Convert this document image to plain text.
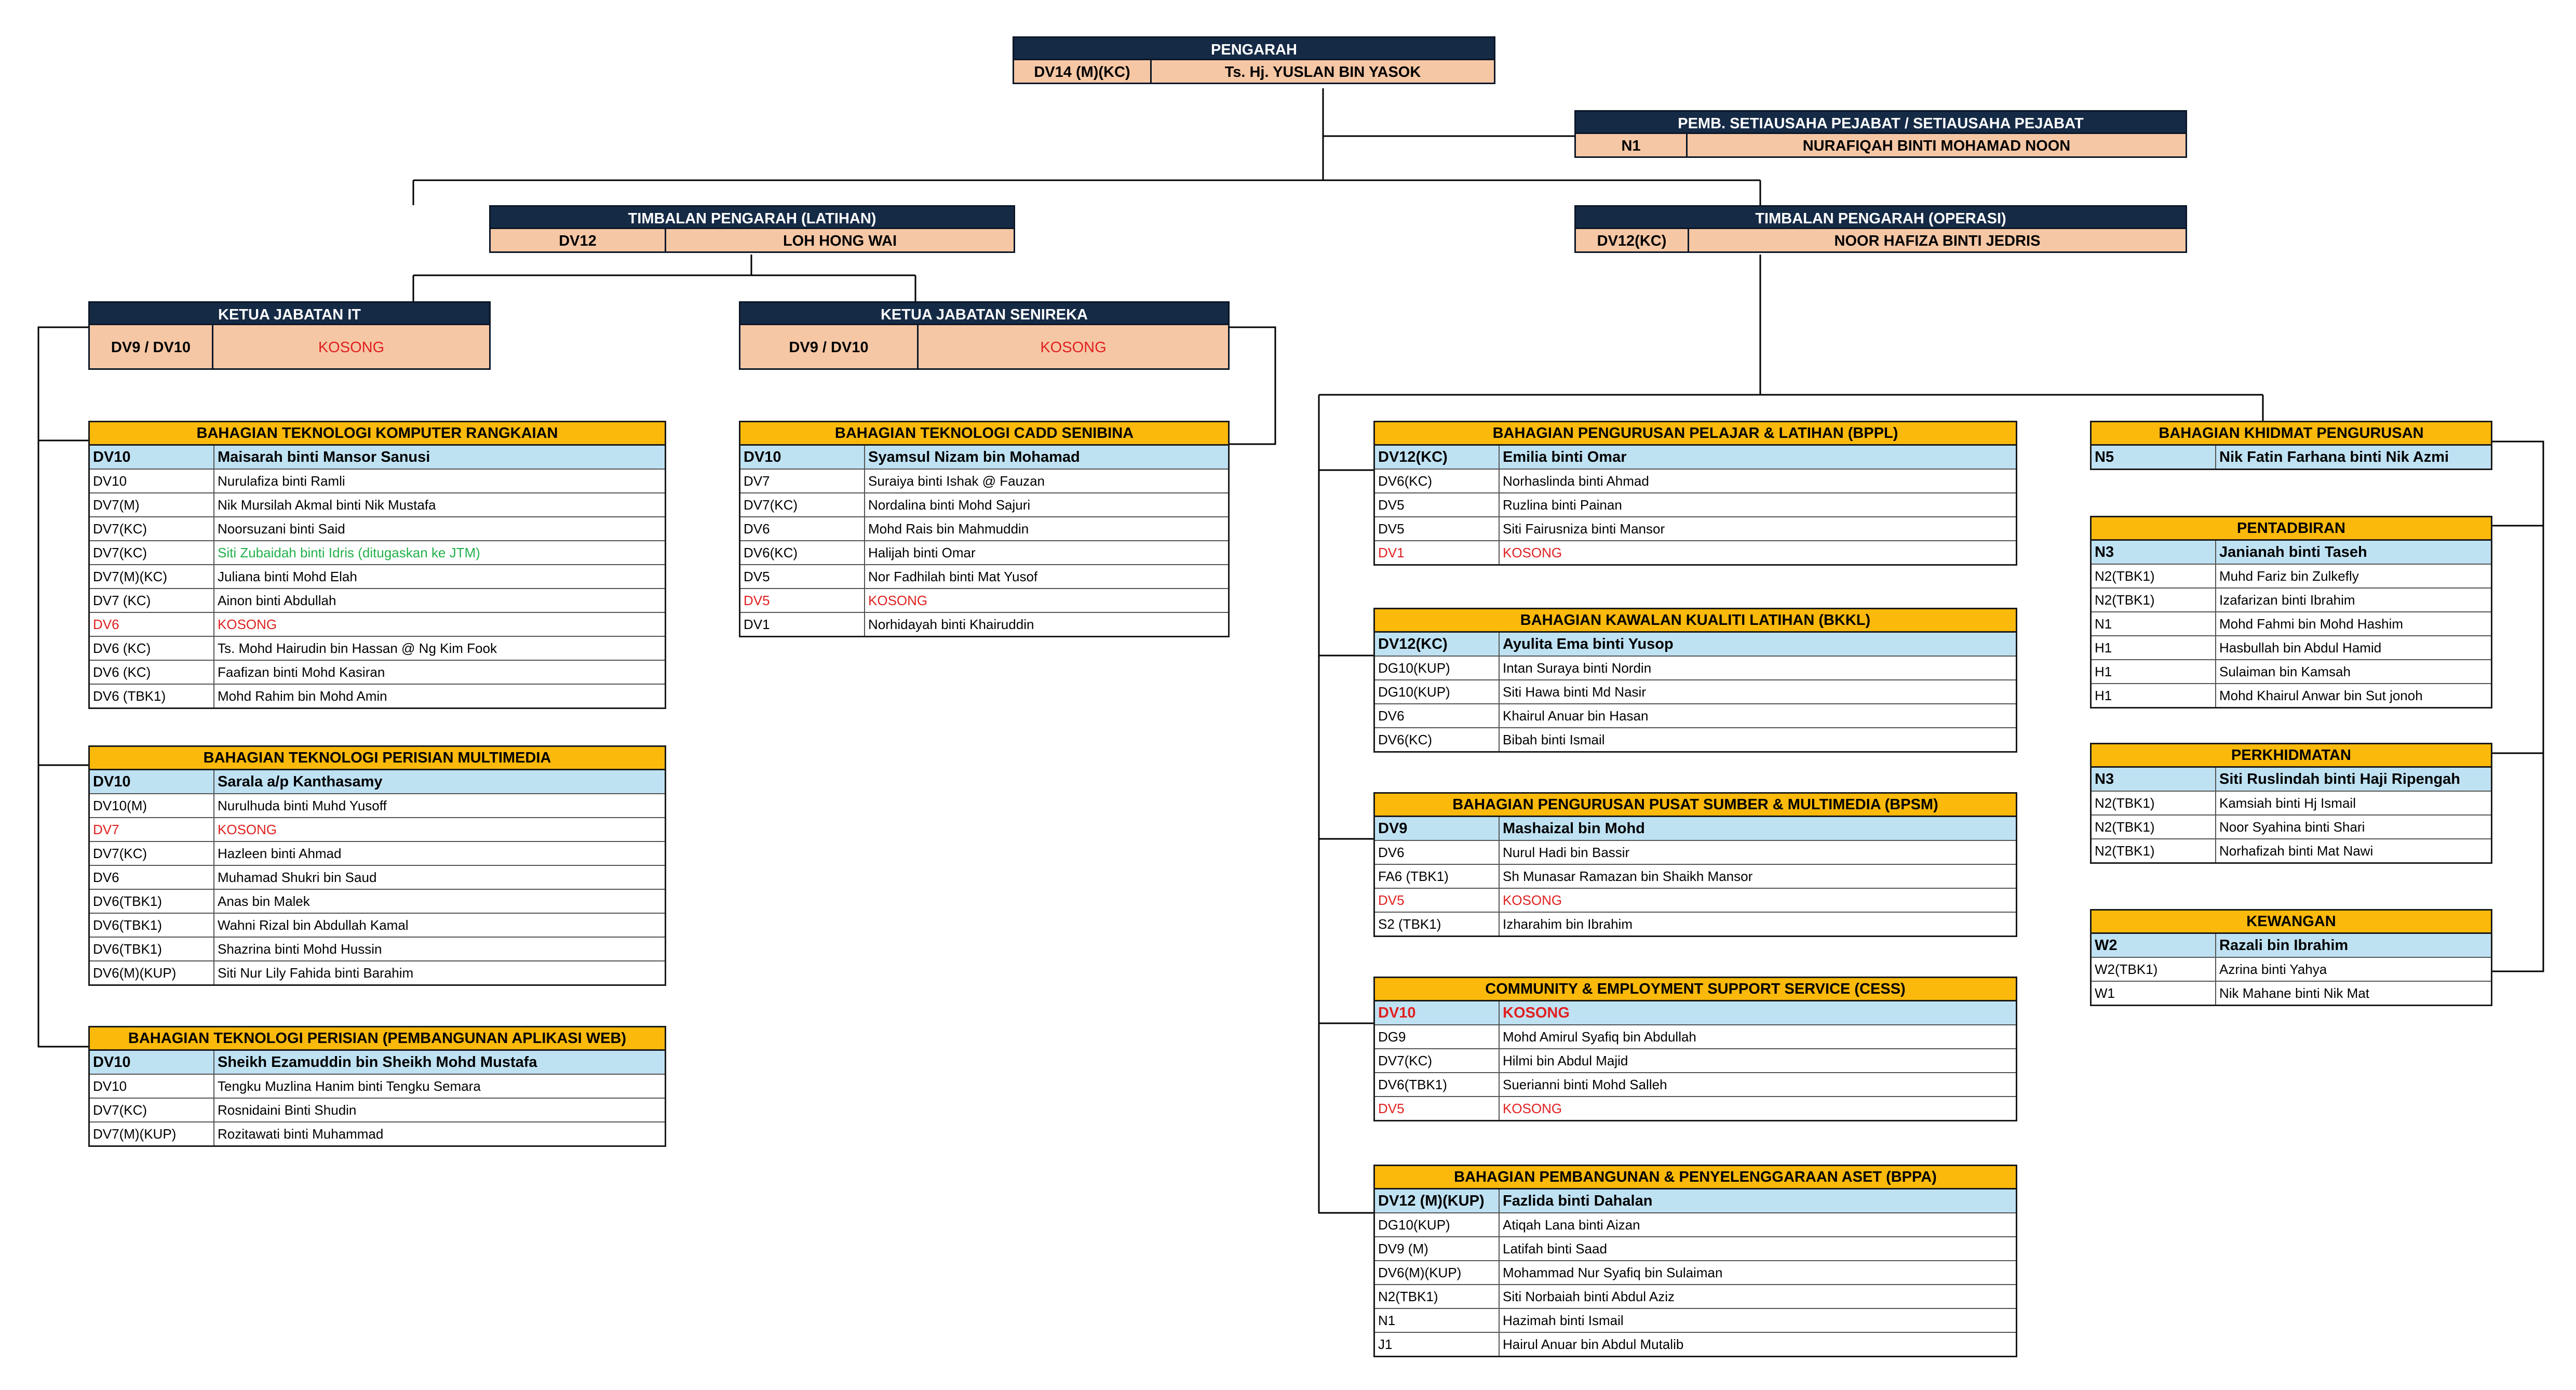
PENGARAH
DV14 (M)(KC)	Ts. Hj. YUSLAN BIN YASOK
PEMB. SETIAUSAHA PEJABAT / SETIAUSAHA PEJABAT
N1	NURAFIQAH BINTI MOHAMAD NOON
TIMBALAN PENGARAH (LATIHAN)
DV12	LOH HONG WAI
TIMBALAN PENGARAH (OPERASI)
DV12(KC)	NOOR HAFIZA BINTI JEDRIS
KETUA JABATAN IT
DV9 / DV10	KOSONG
KETUA JABATAN SENIREKA
DV9 / DV10	KOSONG
BAHAGIAN TEKNOLOGI KOMPUTER RANGKAIAN
DV10	Maisarah binti Mansor Sanusi
DV10	Nurulafiza binti Ramli
DV7(M)	Nik Mursilah Akmal binti Nik Mustafa
DV7(KC)	Noorsuzani binti Said
DV7(KC)	Siti Zubaidah binti Idris (ditugaskan ke JTM)
DV7(M)(KC)	Juliana binti Mohd Elah
DV7 (KC)	Ainon binti Abdullah
DV6	KOSONG
DV6 (KC)	Ts. Mohd Hairudin bin Hassan @ Ng Kim Fook
DV6 (KC)	Faafizan binti Mohd Kasiran
DV6 (TBK1)	Mohd Rahim bin Mohd Amin
BAHAGIAN TEKNOLOGI PERISIAN MULTIMEDIA
DV10	Sarala a/p Kanthasamy
DV10(M)	Nurulhuda binti Muhd Yusoff
DV7	KOSONG
DV7(KC)	Hazleen binti Ahmad
DV6	Muhamad Shukri bin Saud
DV6(TBK1)	Anas bin Malek
DV6(TBK1)	Wahni Rizal bin Abdullah Kamal
DV6(TBK1)	Shazrina binti Mohd Hussin
DV6(M)(KUP)	Siti Nur Lily Fahida binti Barahim
BAHAGIAN TEKNOLOGI PERISIAN (PEMBANGUNAN APLIKASI WEB)
DV10	Sheikh Ezamuddin bin Sheikh Mohd Mustafa
DV10	Tengku Muzlina Hanim binti Tengku Semara
DV7(KC)	Rosnidaini Binti Shudin
DV7(M)(KUP)	Rozitawati binti Muhammad
BAHAGIAN TEKNOLOGI CADD SENIBINA
DV10	Syamsul Nizam bin Mohamad
DV7	Suraiya binti Ishak @ Fauzan
DV7(KC)	Nordalina binti Mohd Sajuri
DV6	Mohd Rais bin Mahmuddin
DV6(KC)	Halijah binti Omar
DV5	Nor Fadhilah binti Mat Yusof
DV5	KOSONG
DV1	Norhidayah binti Khairuddin
BAHAGIAN PENGURUSAN PELAJAR & LATIHAN (BPPL)
DV12(KC)	Emilia binti Omar
DV6(KC)	Norhaslinda binti Ahmad
DV5	Ruzlina binti Painan
DV5	Siti Fairusniza binti Mansor
DV1	KOSONG
BAHAGIAN KAWALAN KUALITI LATIHAN (BKKL)
DV12(KC)	Ayulita Ema binti Yusop
DG10(KUP)	Intan Suraya binti Nordin
DG10(KUP)	Siti Hawa binti Md Nasir
DV6	Khairul Anuar bin Hasan
DV6(KC)	Bibah binti Ismail
BAHAGIAN PENGURUSAN PUSAT SUMBER & MULTIMEDIA (BPSM)
DV9	Mashaizal bin Mohd
DV6	Nurul Hadi bin Bassir
FA6 (TBK1)	Sh Munasar Ramazan bin Shaikh Mansor
DV5	KOSONG
S2 (TBK1)	Izharahim bin Ibrahim
COMMUNITY & EMPLOYMENT SUPPORT SERVICE (CESS)
DV10	KOSONG
DG9	Mohd Amirul Syafiq bin Abdullah
DV7(KC)	Hilmi bin Abdul Majid
DV6(TBK1)	Suerianni binti Mohd Salleh
DV5	KOSONG
BAHAGIAN PEMBANGUNAN & PENYELENGGARAAN ASET (BPPA)
DV12 (M)(KUP)	Fazlida binti Dahalan
DG10(KUP)	Atiqah Lana binti Aizan
DV9 (M)	Latifah binti Saad
DV6(M)(KUP)	Mohammad Nur Syafiq bin Sulaiman
N2(TBK1)	Siti Norbaiah binti Abdul Aziz
N1	Hazimah binti Ismail
J1	Hairul Anuar bin Abdul Mutalib
BAHAGIAN KHIDMAT PENGURUSAN
N5	Nik Fatin Farhana binti Nik Azmi
PENTADBIRAN
N3	Janianah binti Taseh
N2(TBK1)	Muhd Fariz bin Zulkefly
N2(TBK1)	Izafarizan binti Ibrahim
N1	Mohd Fahmi bin Mohd Hashim
H1	Hasbullah bin Abdul Hamid
H1	Sulaiman bin Kamsah
H1	Mohd Khairul Anwar bin Sut jonoh
PERKHIDMATAN
N3	Siti Ruslindah binti Haji Ripengah
N2(TBK1)	Kamsiah binti Hj Ismail
N2(TBK1)	Noor Syahina binti Shari
N2(TBK1)	Norhafizah binti Mat Nawi
KEWANGAN
W2	Razali bin Ibrahim
W2(TBK1)	Azrina binti Yahya
W1	Nik Mahane binti Nik Mat
